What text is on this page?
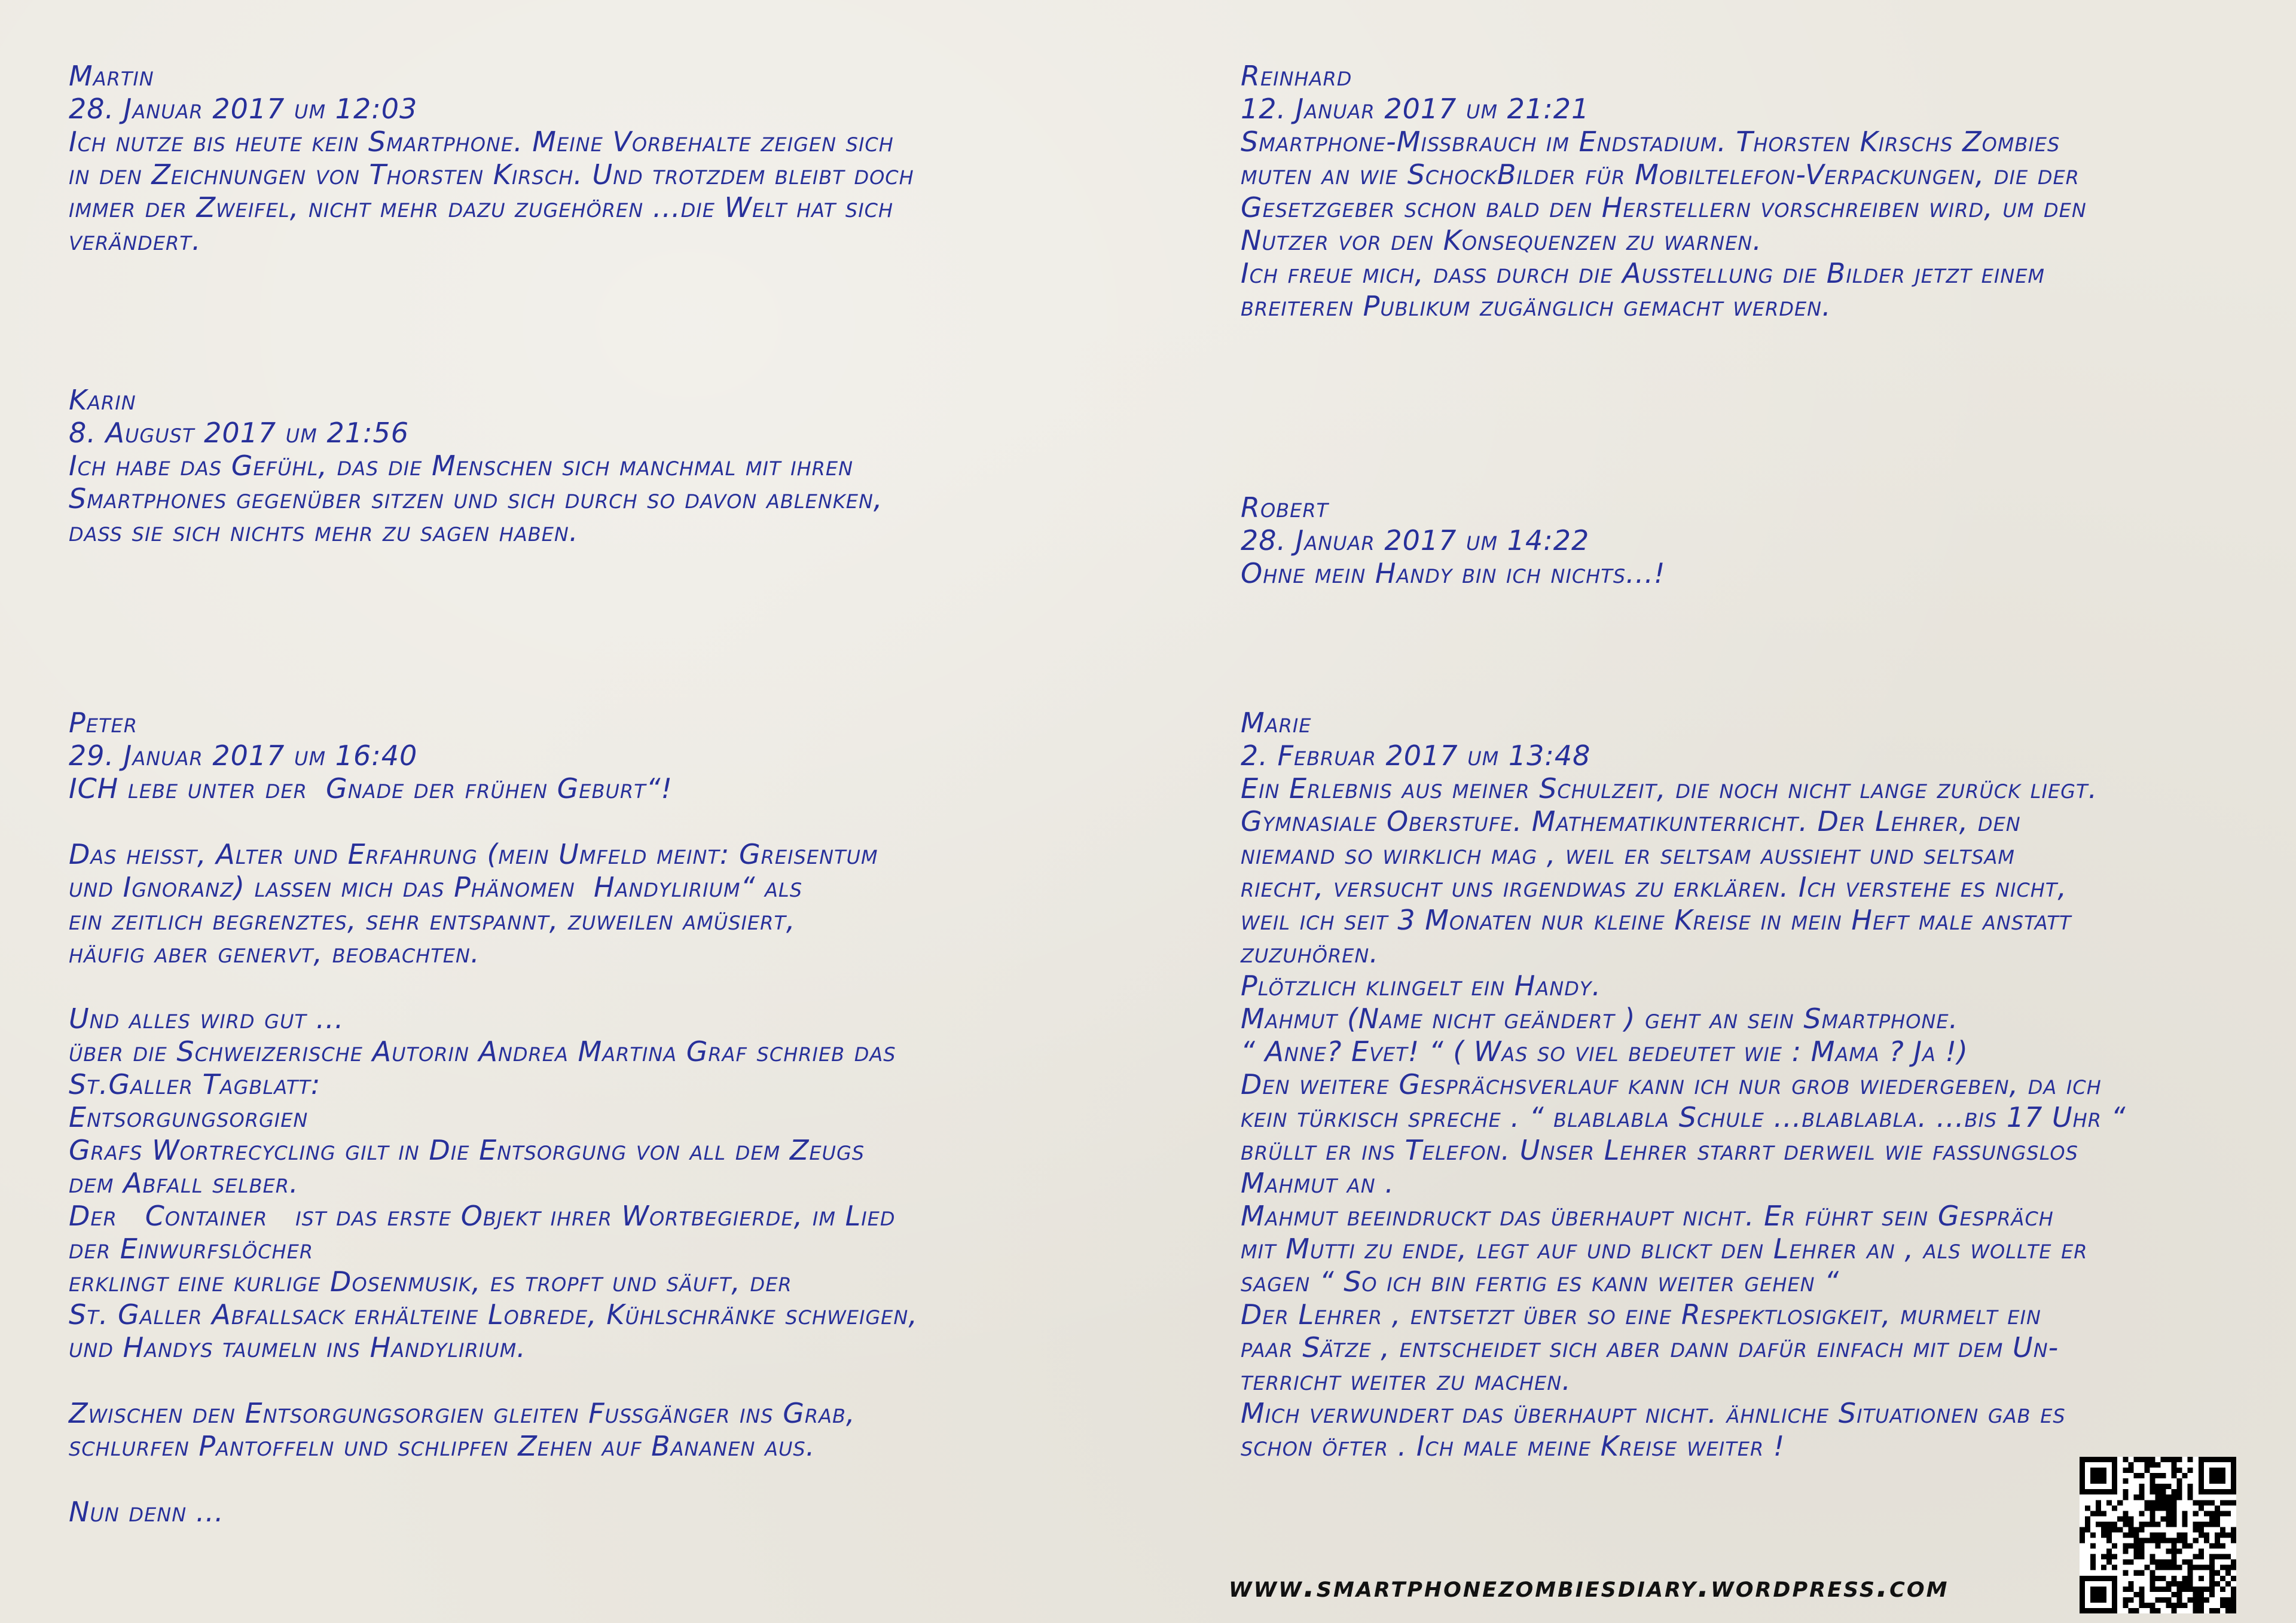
Martin
28. Januar 2017 um 12:03
Ich nutze bis heute kein Smartphone. Meine Vorbehalte zeigen sich
in den Zeichnungen von Thorsten Kirsch. Und trotzdem bleibt doch
immer der Zweifel, nicht mehr dazu zugehören ...die Welt hat sich
verändert.
Reinhard
12. Januar 2017 um 21:21
Smartphone-Missbrauch im Endstadium. Thorsten Kirschs Zombies
muten an wie SchockBilder für Mobiltelefon-Verpackungen, die der
Gesetzgeber schon bald den Herstellern vorschreiben wird, um den
Nutzer vor den Konsequenzen zu warnen.
Ich freue mich, dass durch die Ausstellung die Bilder jetzt einem
breiteren Publikum zugänglich gemacht werden.
Karin
8. August 2017 um 21:56
Ich habe das Gefühl, das die Menschen sich manchmal mit ihren
Smartphones gegenüber sitzen und sich durch so davon ablenken,
dass sie sich nichts mehr zu sagen haben.
Robert
28. Januar 2017 um 14:22
Ohne mein Handy bin ich nichts...!
Peter
29. Januar 2017 um 16:40
ICH lebe unter der  Gnade der frühen Geburt“!
Das heisst, Alter und Erfahrung (mein Umfeld meint: Greisentum
und Ignoranz) lassen mich das Phänomen  Handylirium“ als
ein zeitlich begrenztes, sehr entspannt, zuweilen amüsiert,
häufig aber genervt, beobachten.
Und alles wird gut ...
über die Schweizerische Autorin Andrea Martina Graf schrieb das
St.Galler Tagblatt:
Entsorgungsorgien
Grafs Wortrecycling gilt in Die Entsorgung von all dem Zeugs
dem Abfall selber.
Der   Container   ist das erste Objekt ihrer Wortbegierde, im Lied
der Einwurfslöcher
erklingt eine kurlige Dosenmusik, es tropft und säuft, der
St. Galler Abfallsack erhälteine Lobrede, Kühlschränke schweigen,
und Handys taumeln ins Handylirium.
Zwischen den Entsorgungsorgien gleiten Fussgänger ins Grab,
schlurfen Pantoffeln und schlipfen Zehen auf Bananen aus.
Nun denn ...
Marie
2. Februar 2017 um 13:48
Ein Erlebnis aus meiner Schulzeit, die noch nicht lange zurück liegt.
Gymnasiale Oberstufe. Mathematikunterricht. Der Lehrer, den
niemand so wirklich mag , weil er seltsam aussieht und seltsam
riecht, versucht uns irgendwas zu erklären. Ich verstehe es nicht,
weil ich seit 3 Monaten nur kleine Kreise in mein Heft male anstatt
zuzuhören.
Plötzlich klingelt ein Handy.
Mahmut (Name nicht geändert ) geht an sein Smartphone.
“ Anne? Evet! “ ( Was so viel bedeutet wie : Mama ? Ja !)
Den weitere Gesprächsverlauf kann ich nur grob wiedergeben, da ich
kein türkisch spreche . “ blablabla Schule ...blablabla. ...bis 17 Uhr “
brüllt er ins Telefon. Unser Lehrer starrt derweil wie fassungslos
Mahmut an .
Mahmut beeindruckt das überhaupt nicht. Er führt sein Gespräch
mit Mutti zu ende, legt auf und blickt den Lehrer an , als wollte er
sagen “ So ich bin fertig es kann weiter gehen “
Der Lehrer , entsetzt über so eine Respektlosigkeit, murmelt ein
paar Sätze , entscheidet sich aber dann dafür einfach mit dem Un-
terricht weiter zu machen.
Mich verwundert das überhaupt nicht. ähnliche Situationen gab es
schon öfter . Ich male meine Kreise weiter !
www.smartphonezombiesdiary.wordpress.com
